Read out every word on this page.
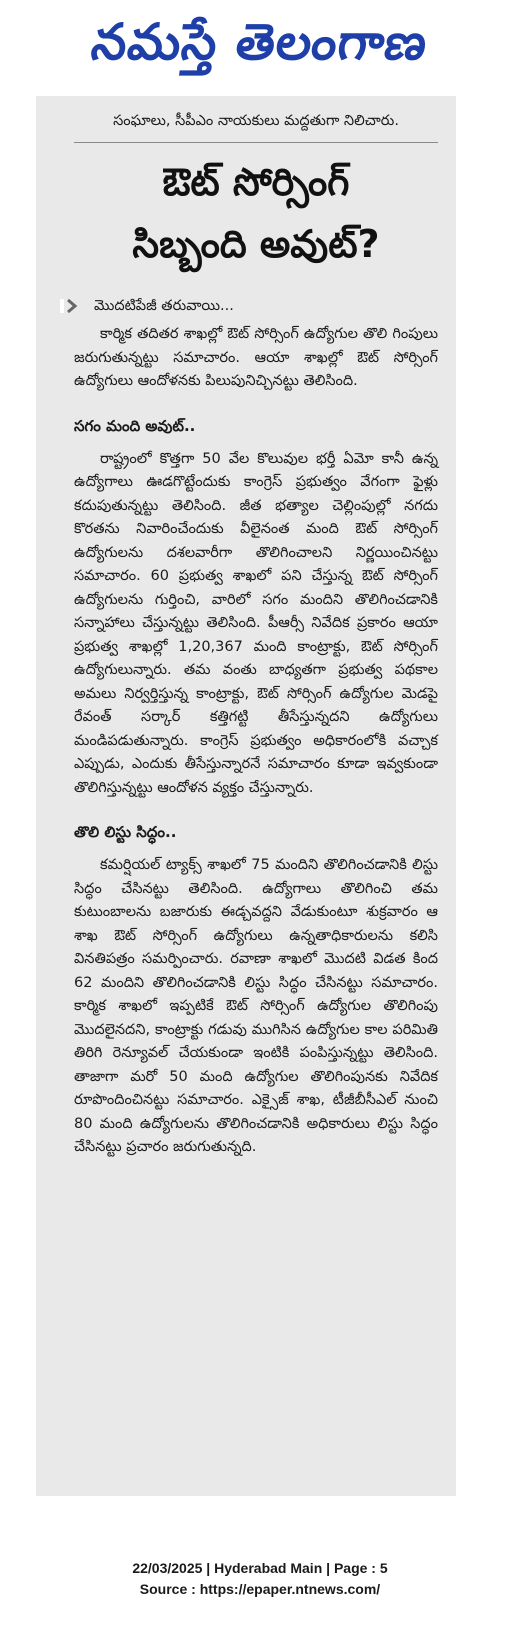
నమస్తే తెలంగాణ

సంఘాలు, సీపీఎం నాయకులు మద్దతుగా నిలిచారు.

ఔట్ సోర్సింగ్
సిబ్బంది అవుట్?
మొదటిపేజీ తరువాయి...

కార్మిక తదితర శాఖల్లో ఔట్ సోర్సింగ్ ఉద్యోగుల తొలి గింపులు జరుగుతున్నట్టు సమాచారం. ఆయా శాఖల్లో ఔట్ సోర్సింగ్ ఉద్యోగులు ఆందోళనకు పిలుపునిచ్చినట్టు తెలిసింది.

సగం మంది అవుట్..

రాష్ట్రంలో కొత్తగా 50 వేల కొలువుల భర్తీ ఏమో కానీ ఉన్న ఉద్యోగాలు ఊడగొట్టేందుకు కాంగ్రెస్ ప్రభుత్వం వేగంగా ఫైళ్లు కదుపుతున్నట్టు తెలిసింది. జీత భత్యాల చెల్లింపుల్లో నగదు కొరతను నివారించేందుకు వీలైనంత మంది ఔట్ సోర్సింగ్ ఉద్యోగులను దశలవారీగా తొలిగించాలని నిర్ణయించినట్టు సమాచారం. 60 ప్రభుత్వ శాఖలో పని చేస్తున్న ఔట్ సోర్సింగ్ ఉద్యోగులను గుర్తించి, వారిలో సగం మందిని తొలిగించడానికి సన్నాహాలు చేస్తున్నట్టు తెలిసింది. పీఆర్సీ నివేదిక ప్రకారం ఆయా ప్రభుత్వ శాఖల్లో 1,20,367 మంది కాంట్రాక్టు, ఔట్ సోర్సింగ్ ఉద్యోగులున్నారు. తమ వంతు బాధ్యతగా ప్రభుత్వ పథకాల అమలు నిర్వర్తిస్తున్న కాంట్రాక్టు, ఔట్ సోర్సింగ్ ఉద్యోగుల మెడపై రేవంత్ సర్కార్ కత్తిగట్టి తీసేస్తున్నదని ఉద్యోగులు మండిపడుతున్నారు. కాంగ్రెస్ ప్రభుత్వం అధికారంలోకి వచ్చాక ఎప్పుడు, ఎందుకు తీసేస్తున్నారనే సమాచారం కూడా ఇవ్వకుండా తొలిగిస్తున్నట్టు ఆందోళన వ్యక్తం చేస్తున్నారు.

తొలి లిస్టు సిద్ధం..

కమర్షియల్ ట్యాక్స్ శాఖలో 75 మందిని తొలిగించడానికి లిస్టు సిద్ధం చేసినట్టు తెలిసింది. ఉద్యోగాలు తొలిగించి తమ కుటుంబాలను బజారుకు ఈడ్చవద్దని వేడుకుంటూ శుక్రవారం ఆ శాఖ ఔట్ సోర్సింగ్ ఉద్యోగులు ఉన్నతాధికారులను కలిసి వినతిపత్రం సమర్పించారు. రవాణా శాఖలో మొదటి విడత కింద 62 మందిని తొలిగించడానికి లిస్టు సిద్ధం చేసినట్టు సమాచారం. కార్మిక శాఖలో ఇప్పటికే ఔట్ సోర్సింగ్ ఉద్యోగుల తొలిగింపు మొదలైనదని, కాంట్రాక్టు గడువు ముగిసిన ఉద్యోగుల కాల పరిమితి తిరిగి రెన్యూవల్ చేయకుండా ఇంటికి పంపిస్తున్నట్టు తెలిసింది. తాజాగా మరో 50 మంది ఉద్యోగుల తొలిగింపునకు నివేదిక రూపొందించినట్టు సమాచారం. ఎక్సైజ్ శాఖ, టీజీబీసీఎల్ నుంచి 80 మంది ఉద్యోగులను తొలిగించడానికి అధికారులు లిస్టు సిద్ధం చేసినట్టు ప్రచారం జరుగుతున్నది.

22/03/2025 | Hyderabad Main | Page : 5
Source : https://epaper.ntnews.com/
